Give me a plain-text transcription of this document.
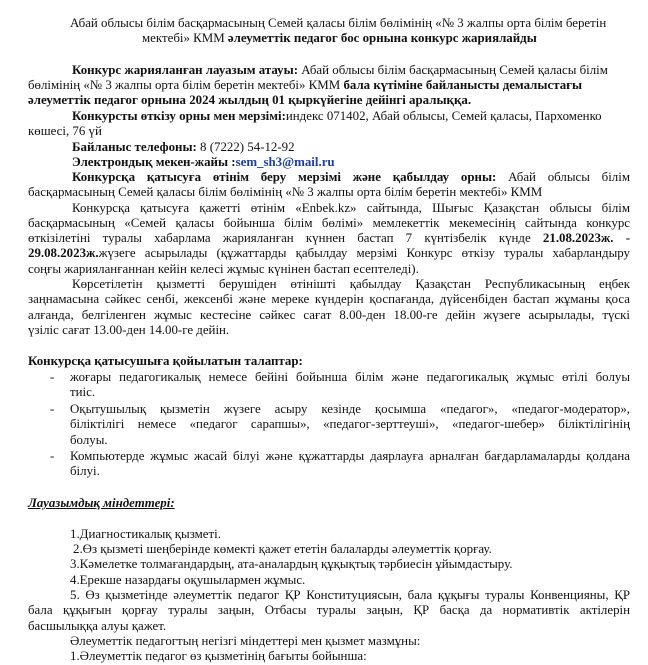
Абай облысы білім басқармасының Семей қаласы білім бөлімінің «№ 3 жалпы орта білім беретін
мектебі» КММ әлеуметтік педагог бос орнына конкурс жариялайды
Конкурс жарияланған лауазым атауы: Абай облысы білім басқармасының Семей қаласы білім
бөлімінің «№ 3 жалпы орта білім беретін мектебі» КММ бала күтіміне байланысты демалыстағы
әлеуметтік педагог орнына 2024 жылдың 01 қыркүйегіне дейінгі аралыққа.
Конкурсты өткізу орны мен мерзімі:индекс 071402, Абай облысы, Семей қаласы, Пархоменко
көшесі, 76 үй
Байланыс телефоны: 8 (7222) 54-12-92
Электрондық мекен-жайы :sem_sh3@mail.ru
Конкурсқа қатысуға өтінім беру мерзімі және қабылдау орны: Абай облысы білім
басқармасының Семей қаласы білім бөлімінің «№ 3 жалпы орта білім беретін мектебі» КММ
Конкурсқа қатысуға қажетті өтінім «Enbek.kz» сайтында, Шығыс Қазақстан облысы білім
басқармасының «Семей қаласы бойынша білім бөлімі» мемлекеттік мекемесінің сайтында конкурс
өткізілетіні туралы хабарлама жарияланған күннен бастап 7 күнтізбелік күнде 21.08.2023ж. -
29.08.2023ж.жүзеге асырылады (құжаттарды қабылдау мерзімі Конкурс өткізу туралы хабарландыру
соңғы жарияланғаннан кейін келесі жұмыс күнінен бастап есептеледі).
Көрсетілетін қызметті берушіден өтінішті қабылдау Қазақстан Республикасының еңбек
заңнамасына сәйкес сенбі, жексенбі және мереке күндерін қоспағанда, дүйсенбіден бастап жұманы қоса
алғанда, белгіленген жұмыс кестесіне сәйкес сағат 8.00-ден 18.00-ге дейін жүзеге асырылады, түскі
үзіліс сағат 13.00-ден 14.00-ге дейін.
Конкурсқа қатысушыға қойылатын талаптар:
- жоғары педагогикалық немесе бейіні бойынша білім және педагогикалық жұмыс өтілі болуы
тиіс.
- Оқытушылық қызметін жүзеге асыру кезінде қосымша «педагог», «педагог-модератор»,
біліктілігі немесе «педагог сарапшы», «педагог-зерттеуші», «педагог-шебер» біліктілігінің
болуы.
- Компьютерде жұмыс жасай білуі және құжаттарды даярлауға арналған бағдарламаларды қолдана
білуі.
Лауазымдық міндеттері:
1.Диагностикалық қызметі.
2.Өз қызметі шеңберінде көмекті қажет ететін балаларды әлеуметтік қорғау.
3.Кәмелетке толмағандардың, ата-аналардың құқықтық тәрбиесін ұйымдастыру.
4.Ерекше назардағы оқушылармен жұмыс.
5. Өз қызметінде әлеуметтік педагог ҚР Конституциясын, бала құқығы туралы Конвенцияны, ҚР
бала құқығын қорғау туралы заңын, Отбасы туралы заңын, ҚР басқа да нормативтік актілерін
басшылыққа алуы қажет.
Әлеуметтік педагогтың негізгі міндеттері мен қызмет мазмұны:
1.Әлеуметтік педагог өз қызметінің бағыты бойынша:
